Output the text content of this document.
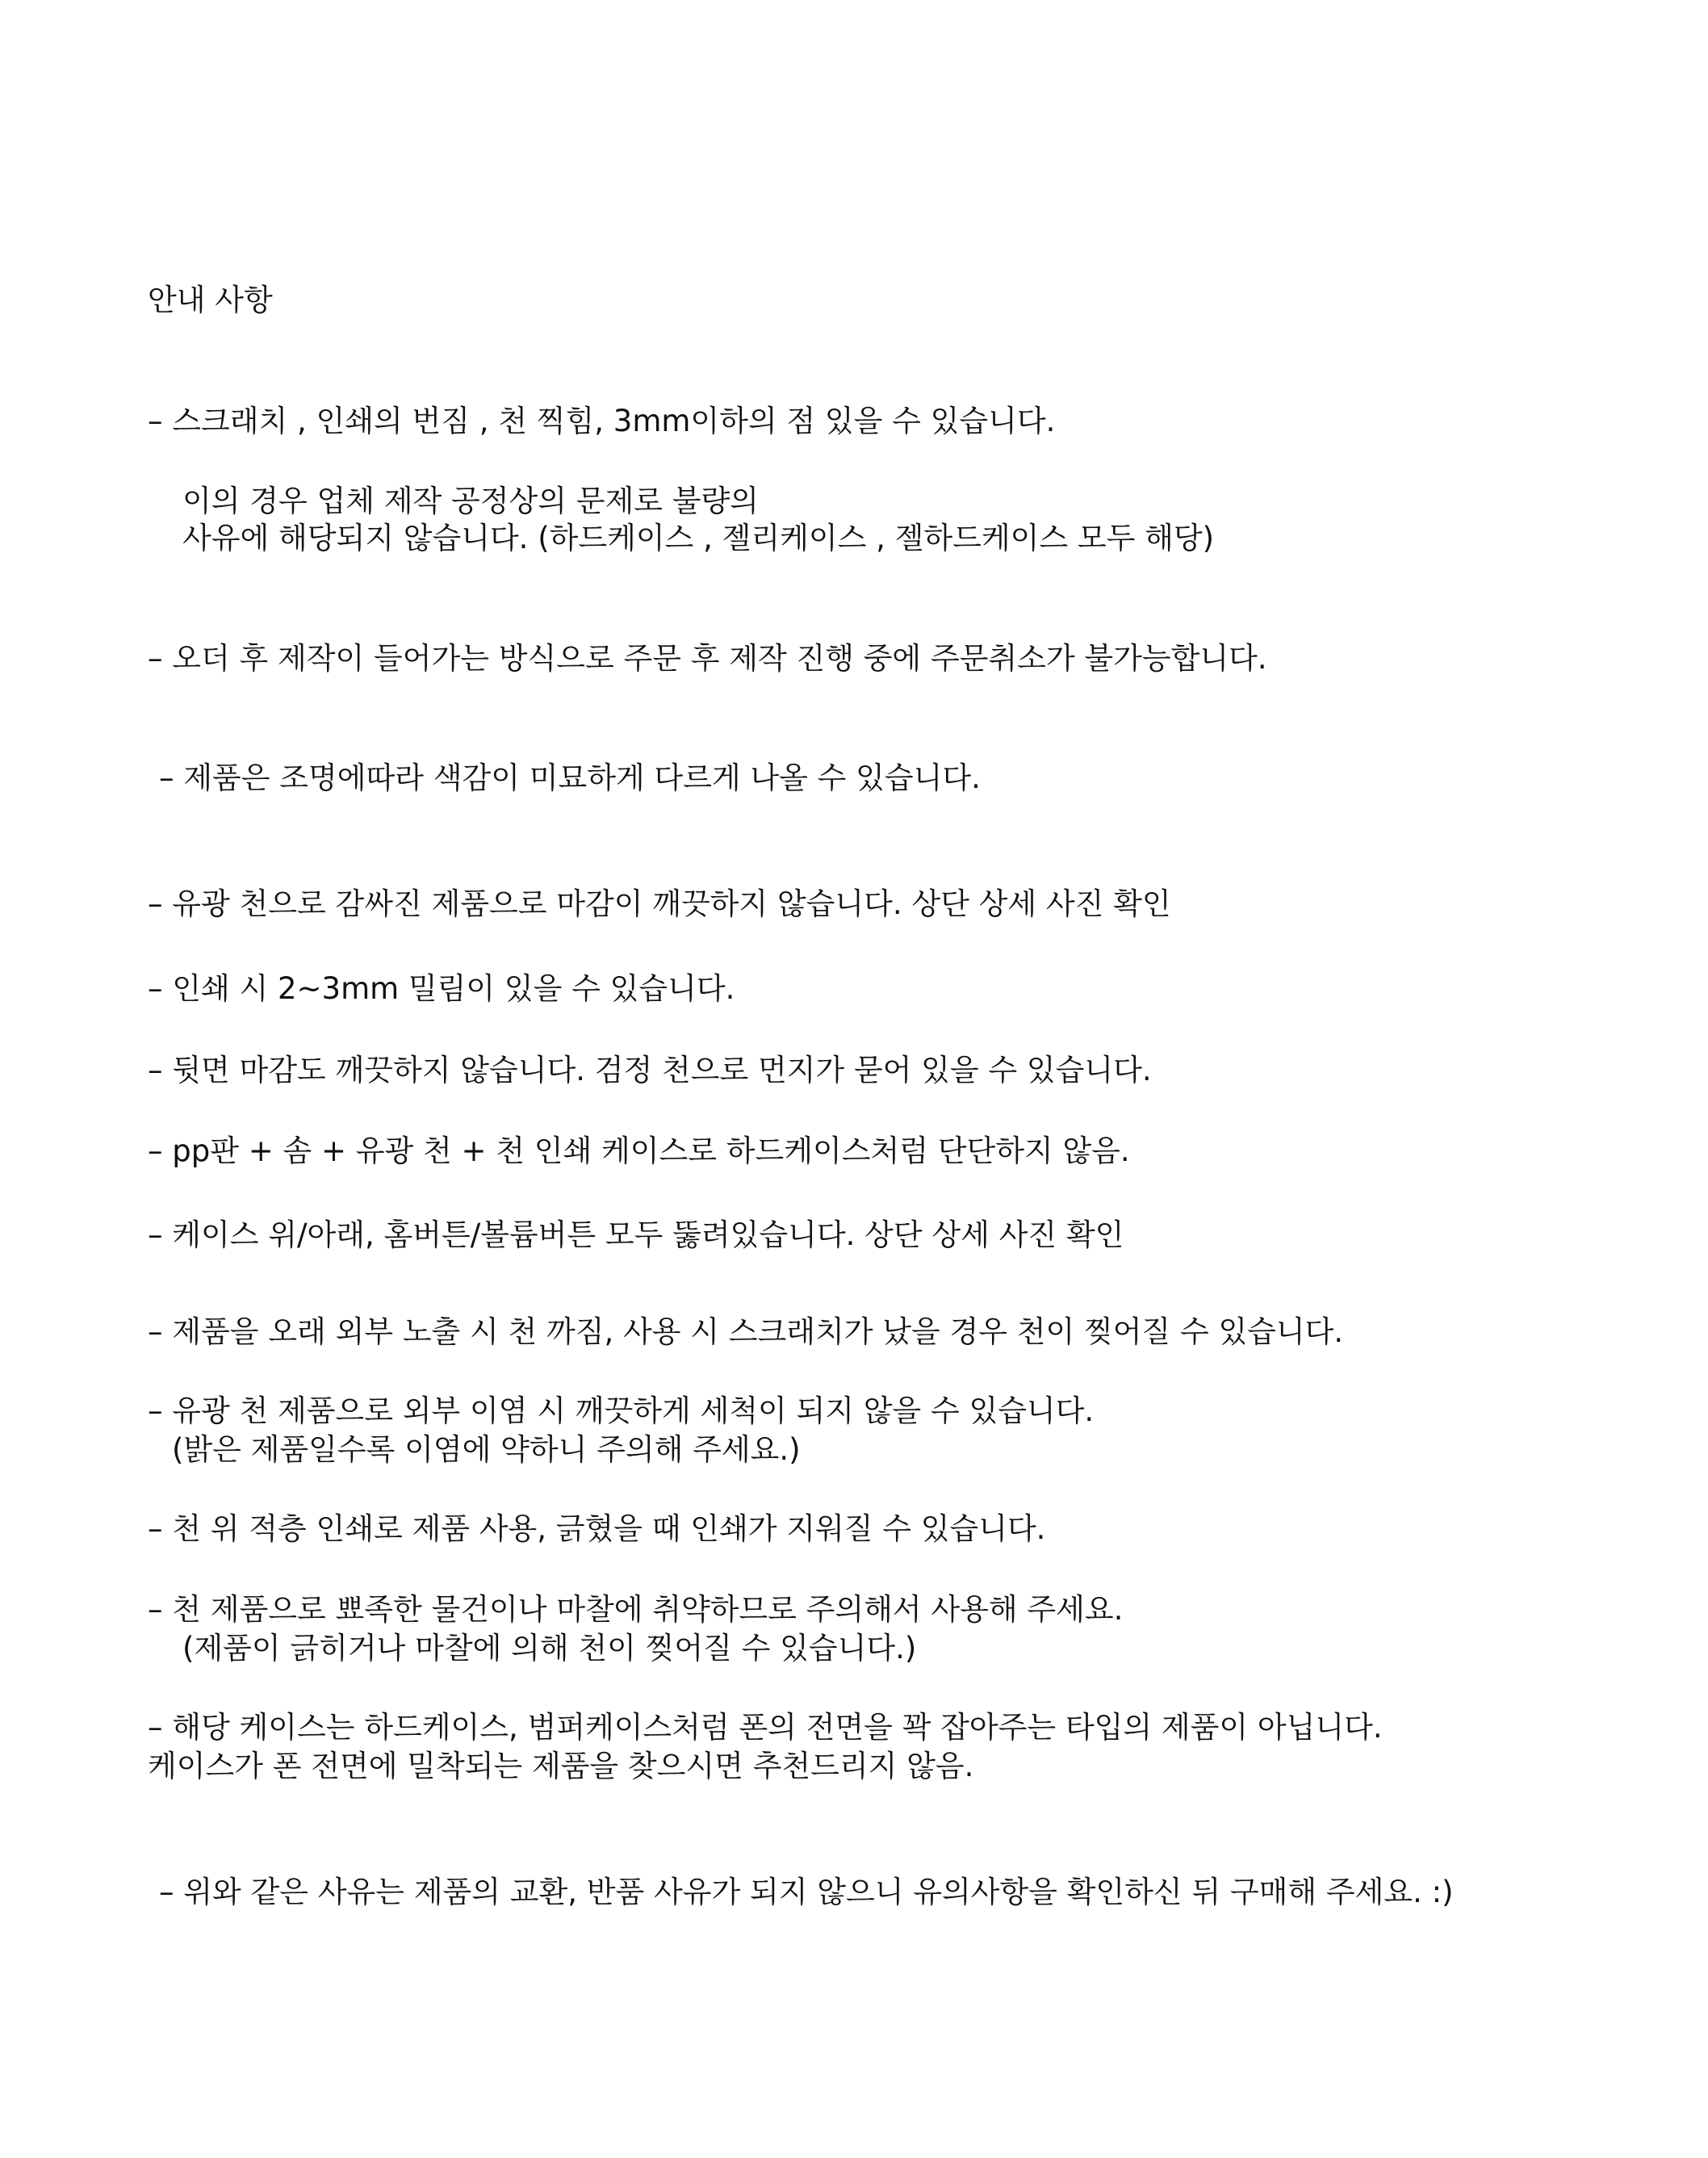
안내 사항
– 스크래치 , 인쇄의 번짐 , 천 찍힘, 3mm이하의 점 있을 수 있습니다.
이의 경우 업체 제작 공정상의 문제로 불량의
사유에 해당되지 않습니다. (하드케이스 , 젤리케이스 , 젤하드케이스 모두 해당)
– 오더 후 제작이 들어가는 방식으로 주문 후 제작 진행 중에 주문취소가 불가능합니다.
– 제품은 조명에따라 색감이 미묘하게 다르게 나올 수 있습니다.
– 유광 천으로 감싸진 제품으로 마감이 깨끗하지 않습니다. 상단 상세 사진 확인
– 인쇄 시 2~3mm 밀림이 있을 수 있습니다.
– 뒷면 마감도 깨끗하지 않습니다. 검정 천으로 먼지가 묻어 있을 수 있습니다.
– pp판 + 솜 + 유광 천 + 천 인쇄 케이스로 하드케이스처럼 단단하지 않음.
– 케이스 위/아래, 홈버튼/볼륨버튼 모두 뚫려있습니다. 상단 상세 사진 확인
– 제품을 오래 외부 노출 시 천 까짐, 사용 시 스크래치가 났을 경우 천이 찢어질 수 있습니다.
– 유광 천 제품으로 외부 이염 시 깨끗하게 세척이 되지 않을 수 있습니다.
(밝은 제품일수록 이염에 약하니 주의해 주세요.)
– 천 위 적층 인쇄로 제품 사용, 긁혔을 때 인쇄가 지워질 수 있습니다.
– 천 제품으로 뾰족한 물건이나 마찰에 취약하므로 주의해서 사용해 주세요.
(제품이 긁히거나 마찰에 의해 천이 찢어질 수 있습니다.)
– 해당 케이스는 하드케이스, 범퍼케이스처럼 폰의 전면을 꽉 잡아주는 타입의 제품이 아닙니다.
케이스가 폰 전면에 밀착되는 제품을 찾으시면 추천드리지 않음.
– 위와 같은 사유는 제품의 교환, 반품 사유가 되지 않으니 유의사항을 확인하신 뒤 구매해 주세요. :)
